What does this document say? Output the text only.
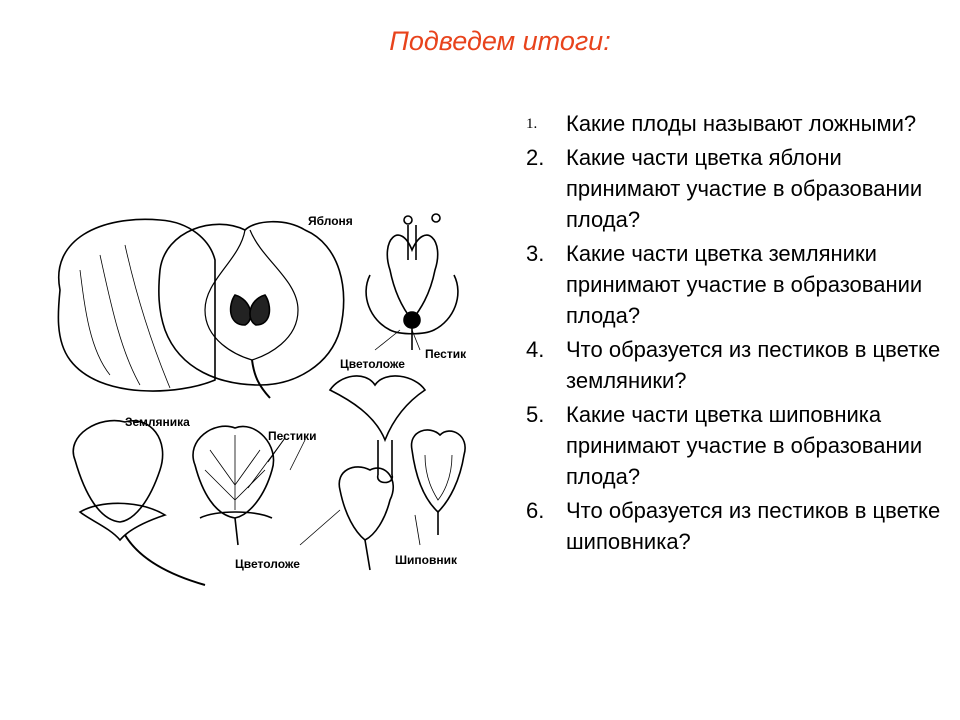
Подведем итоги:
1. Какие плоды называют ложными?
2. Какие части цветка яблони принимают участие в образовании плода?
3. Какие части цветка земляники принимают участие в образовании плода?
4. Что образуется из пестиков в цветке земляники?
5. Какие части цветка шиповника принимают участие в образовании плода?
6. Что образуется из пестиков в цветке шиповника?
Яблоня
Пестик
Цветоложе
Земляника
Пестики
Цветоложе	Шиповник
